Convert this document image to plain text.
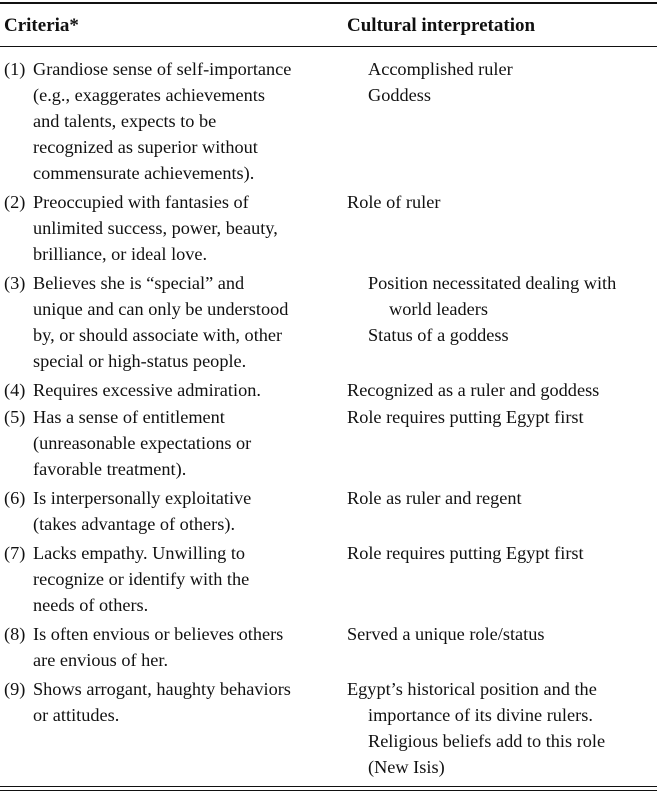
Criteria*	Cultural interpretation
(1) Grandiose sense of self-importance
(e.g., exaggerates achievements
and talents, expects to be
recognized as superior without
commensurate achievements).
Accomplished ruler
Goddess
(2) Preoccupied with fantasies of
unlimited success, power, beauty,
brilliance, or ideal love.
Role of ruler
(3) Believes she is “special” and
unique and can only be understood
by, or should associate with, other
special or high-status people.
Position necessitated dealing with
world leaders
Status of a goddess
(4) Requires excessive admiration.	Recognized as a ruler and goddess
(5) Has a sense of entitlement
(unreasonable expectations or
favorable treatment).
Role requires putting Egypt first
(6) Is interpersonally exploitative
(takes advantage of others).
Role as ruler and regent
(7) Lacks empathy. Unwilling to
recognize or identify with the
needs of others.
Role requires putting Egypt first
(8) Is often envious or believes others
are envious of her.
Served a unique role/status
(9) Shows arrogant, haughty behaviors
or attitudes.
Egypt’s historical position and the
importance of its divine rulers.
Religious beliefs add to this role
(New Isis)
